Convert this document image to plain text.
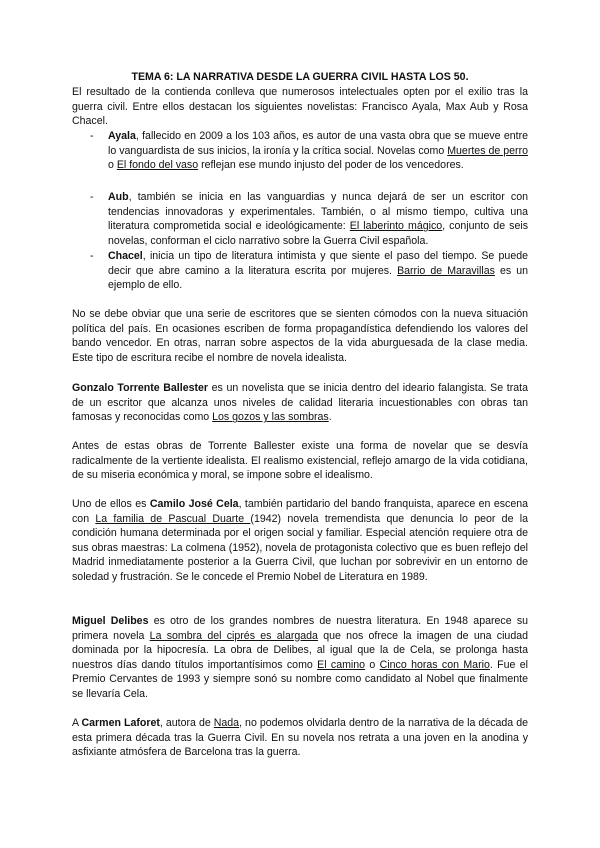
TEMA 6: LA NARRATIVA DESDE LA GUERRA CIVIL HASTA LOS 50.

El resultado de la contienda conlleva que numerosos intelectuales opten por el exilio tras la guerra civil. Entre ellos destacan los siguientes novelistas: Francisco Ayala, Max Aub y Rosa Chacel.

- Ayala, fallecido en 2009 a los 103 años, es autor de una vasta obra que se mueve entre lo vanguardista de sus inicios, la ironía y la crítica social. Novelas como Muertes de perro o El fondo del vaso reflejan ese mundo injusto del poder de los vencedores.
- Aub, también se inicia en las vanguardias y nunca dejará de ser un escritor con tendencias innovadoras y experimentales. También, o al mismo tiempo, cultiva una literatura comprometida social e ideológicamente: El laberinto mágico, conjunto de seis novelas, conforman el ciclo narrativo sobre la Guerra Civil española.
- Chacel, inicia un tipo de literatura intimista y que siente el paso del tiempo. Se puede decir que abre camino a la literatura escrita por mujeres. Barrio de Maravillas es un ejemplo de ello.

No se debe obviar que una serie de escritores que se sienten cómodos con la nueva situación política del país. En ocasiones escriben de forma propagandística defendiendo los valores del bando vencedor. En otras, narran sobre aspectos de la vida aburguesada de la clase media. Este tipo de escritura recibe el nombre de novela idealista.

Gonzalo Torrente Ballester es un novelista que se inicia dentro del ideario falangista. Se trata de un escritor que alcanza unos niveles de calidad literaria incuestionables con obras tan famosas y reconocidas como Los gozos y las sombras.

Antes de estas obras de Torrente Ballester existe una forma de novelar que se desvía radicalmente de la vertiente idealista. El realismo existencial, reflejo amargo de la vida cotidiana, de su miseria económica y moral, se impone sobre el idealismo.

Uno de ellos es Camilo José Cela, también partidario del bando franquista, aparece en escena con La familia de Pascual Duarte (1942) novela tremendista que denuncia lo peor de la condición humana determinada por el origen social y familiar. Especial atención requiere otra de sus obras maestras: La colmena (1952), novela de protagonista colectivo que es buen reflejo del Madrid inmediatamente posterior a la Guerra Civil, que luchan por sobrevivir en un entorno de soledad y frustración. Se le concede el Premio Nobel de Literatura en 1989.

Miguel Delibes es otro de los grandes nombres de nuestra literatura. En 1948 aparece su primera novela La sombra del ciprés es alargada que nos ofrece la imagen de una ciudad dominada por la hipocresía. La obra de Delibes, al igual que la de Cela, se prolonga hasta nuestros días dando títulos importantísimos como El camino o Cinco horas con Mario. Fue el Premio Cervantes de 1993 y siempre sonó su nombre como candidato al Nobel que finalmente se llevaría Cela.

A Carmen Laforet, autora de Nada, no podemos olvidarla dentro de la narrativa de la década de esta primera década tras la Guerra Civil. En su novela nos retrata a una joven en la anodina y asfixiante atmósfera de Barcelona tras la guerra.
